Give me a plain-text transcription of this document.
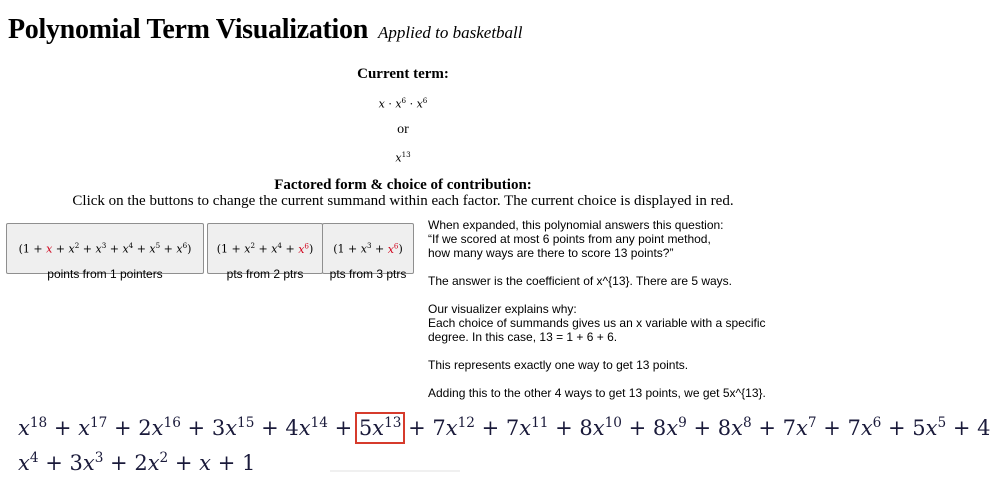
Polynomial Term Visualization Applied to basketball
Current term:
$x \cdot x^6 \cdot x^6$
or
$x^{13}$
Factored form & choice of contribution:
Click on the buttons to change the current summand within each factor. The current choice is displayed in red.
$(1 + x + x^2 + x^3 + x^4 + x^5 + x^6)$ $(1 + x^2 + x^4 + x^6)$ $(1 + x^3 + x^6)$
points from 1 pointers	pts from 2 ptrs	pts from 3 ptrs

When expanded, this polynomial answers this question:

“If we scored at most 6 points from any point method,

how many ways are there to score 13 points?”

The answer is the coefficient of x^{13}. There are 5 ways.

Our visualizer explains why:

Each choice of summands gives us an x variable with a specific

degree. In this case, 13 = 1 + 6 + 6.

This represents exactly one way to get 13 points.

Adding this to the other 4 ways to get 13 points, we get 5x^{13}.

$x^{18} + x^{17} + 2x^{16} + 3x^{15} + 4x^{14} + 5x^{13} + 7x^{12} + 7x^{11} + 8x^{10} + 8x^9 + 8x^8 + 7x^7 + 7x^6 + 5x^5 + 4$
$x^4 + 3x^3 + 2x^2 + x + 1$
